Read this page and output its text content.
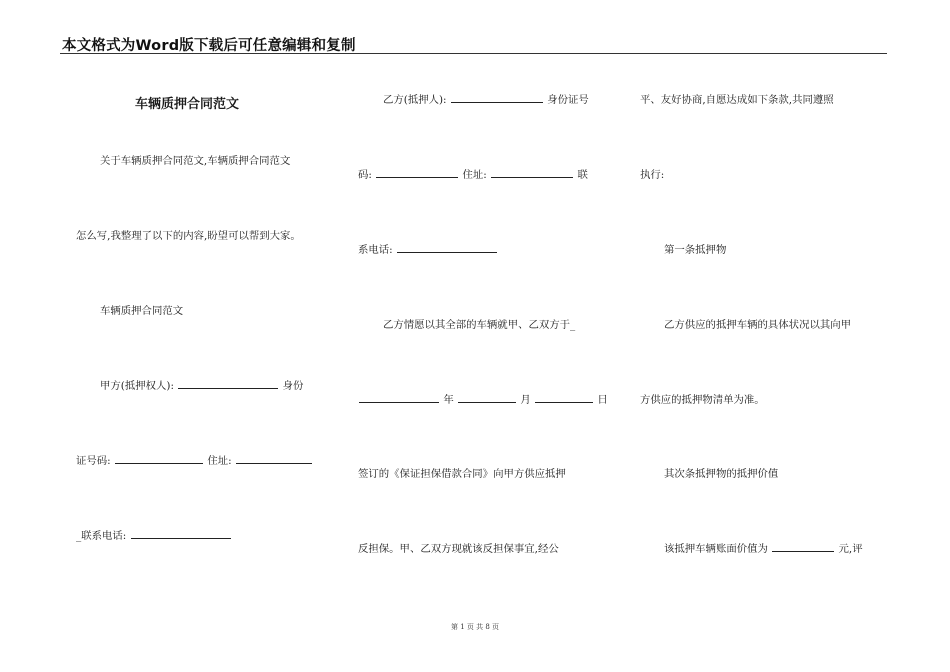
本文格式为Word版下载后可任意编辑和复制
车辆质押合同范文
关于车辆质押合同范文,车辆质押合同范文
怎么写,我整理了以下的内容,盼望可以帮到大家。
车辆质押合同范文
甲方(抵押权人):	身份
证号码:	住址:
_联系电话:
乙方(抵押人):	身份证号
码:	住址:	联
系电话:
乙方情愿以其全部的车辆就甲、乙双方于_
年	月	日
签订的《保证担保借款合同》向甲方供应抵押
反担保。甲、乙双方现就该反担保事宜,经公
平、友好协商,自愿达成如下条款,共同遵照
执行:
第一条抵押物
乙方供应的抵押车辆的具体状况以其向甲
方供应的抵押物清单为准。
其次条抵押物的抵押价值
该抵押车辆账面价值为	元,评
第 1 页 共 8 页
